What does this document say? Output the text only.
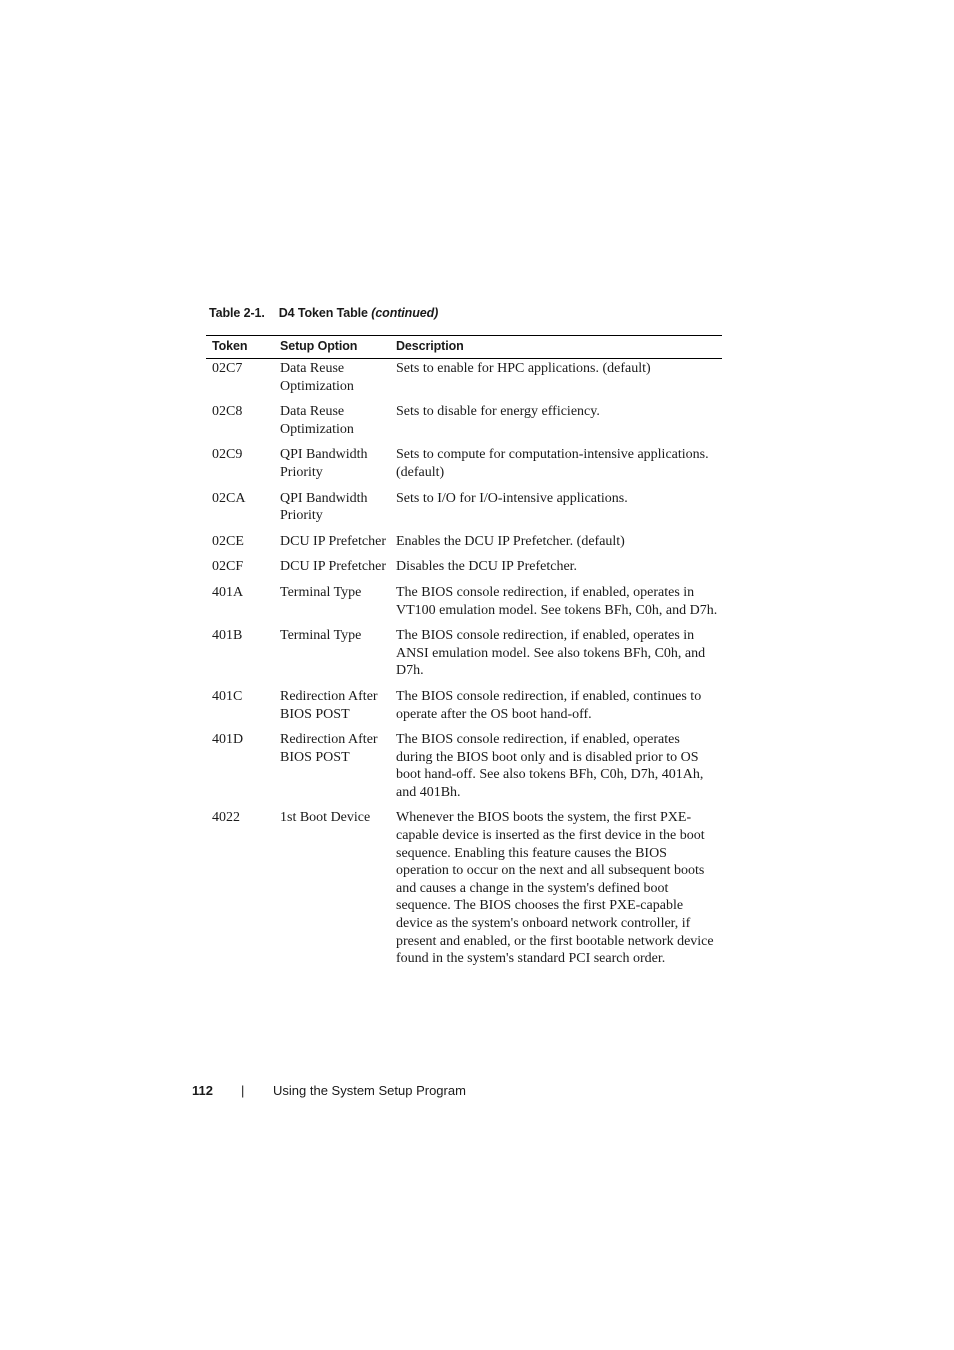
Table 2-1. D4 Token Table (continued)
Token	Setup Option	Description
02C7	Data Reuse Optimization	Sets to enable for HPC applications. (default)
02C8	Data Reuse Optimization	Sets to disable for energy efficiency.
02C9	QPI Bandwidth Priority	Sets to compute for computation-intensive applications. (default)
02CA	QPI Bandwidth Priority	Sets to I/O for I/O-intensive applications.
02CE	DCU IP Prefetcher	Enables the DCU IP Prefetcher. (default)
02CF	DCU IP Prefetcher	Disables the DCU IP Prefetcher.
401A	Terminal Type	The BIOS console redirection, if enabled, operates in VT100 emulation model. See tokens BFh, C0h, and D7h.
401B	Terminal Type	The BIOS console redirection, if enabled, operates in ANSI emulation model. See also tokens BFh, C0h, and D7h.
401C	Redirection After BIOS POST	The BIOS console redirection, if enabled, continues to operate after the OS boot hand-off.
401D	Redirection After BIOS POST	The BIOS console redirection, if enabled, operates during the BIOS boot only and is disabled prior to OS boot hand-off. See also tokens BFh, C0h, D7h, 401Ah, and 401Bh.
4022	1st Boot Device	Whenever the BIOS boots the system, the first PXE-capable device is inserted as the first device in the boot sequence. Enabling this feature causes the BIOS operation to occur on the next and all subsequent boots and causes a change in the system's defined boot sequence. The BIOS chooses the first PXE-capable device as the system's onboard network controller, if present and enabled, or the first bootable network device found in the system's standard PCI search order.
112 | Using the System Setup Program
